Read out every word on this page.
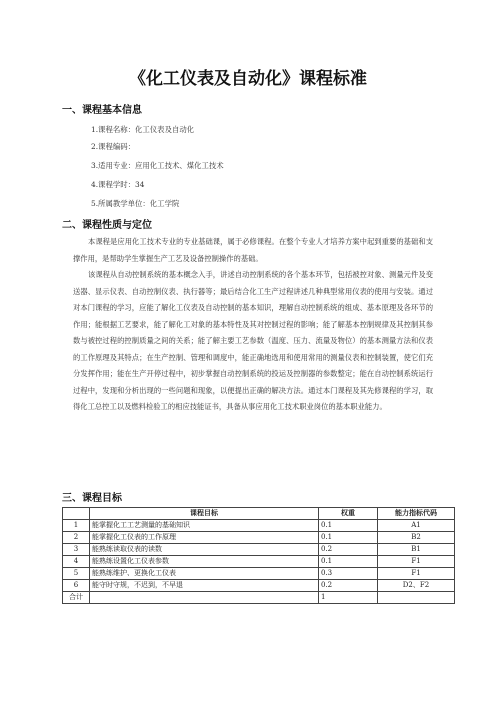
《化工仪表及自动化》课程标准
一、课程基本信息
1.课程名称：化工仪表及自动化
2.课程编码：
3.适用专业：应用化工技术、煤化工技术
4.课程学时：34
5.所属教学单位：化工学院
二、课程性质与定位

本课程是应用化工技术专业的专业基础课，属于必修课程。在整个专业人才培养方案中起到重要的基础和支撑作用，是帮助学生掌握生产工艺及设备控制操作的基础。

该课程从自动控制系统的基本概念入手，讲述自动控制系统的各个基本环节，包括被控对象、测量元件及变送器、显示仪表、自动控制仪表、执行器等；最后结合化工生产过程讲述几种典型常用仪表的使用与安装。通过对本门课程的学习，应能了解化工仪表及自动控制的基本知识，理解自动控制系统的组成、基本原理及各环节的作用；能根据工艺要求，能了解化工对象的基本特性及其对控制过程的影响；能了解基本控制规律及其控制其参数与被控过程的控制质量之间的关系；能了解主要工艺参数（温度、压力、流量及物位）的基本测量方法和仪表的工作原理及其特点；在生产控制、管理和调度中，能正确地选用和使用常用的测量仪表和控制装置，使它们充分发挥作用；能在生产开停过程中，初步掌握自动控制系统的投运及控制器的参数整定；能在自动控制系统运行过程中，发现和分析出现的一些问题和现象，以便提出正确的解决方法。通过本门课程及其先修课程的学习，取得化工总控工以及燃料检验工的相应技能证书，具备从事应用化工技术职业岗位的基本职业能力。

三、课程目标
	课程目标	权重	能力指标代码
1	能掌握化工工艺测量的基础知识	0.1	A1
2	能掌握化工仪表的工作原理	0.1	B2
3	能熟练读取仪表的读数	0.2	B1
4	能熟练设置化工仪表参数	0.1	F1
5	能熟练维护、更换化工仪表	0.3	F1
6	能守时守规，不迟到，不早退	0.2	D2、F2
合计		1	
